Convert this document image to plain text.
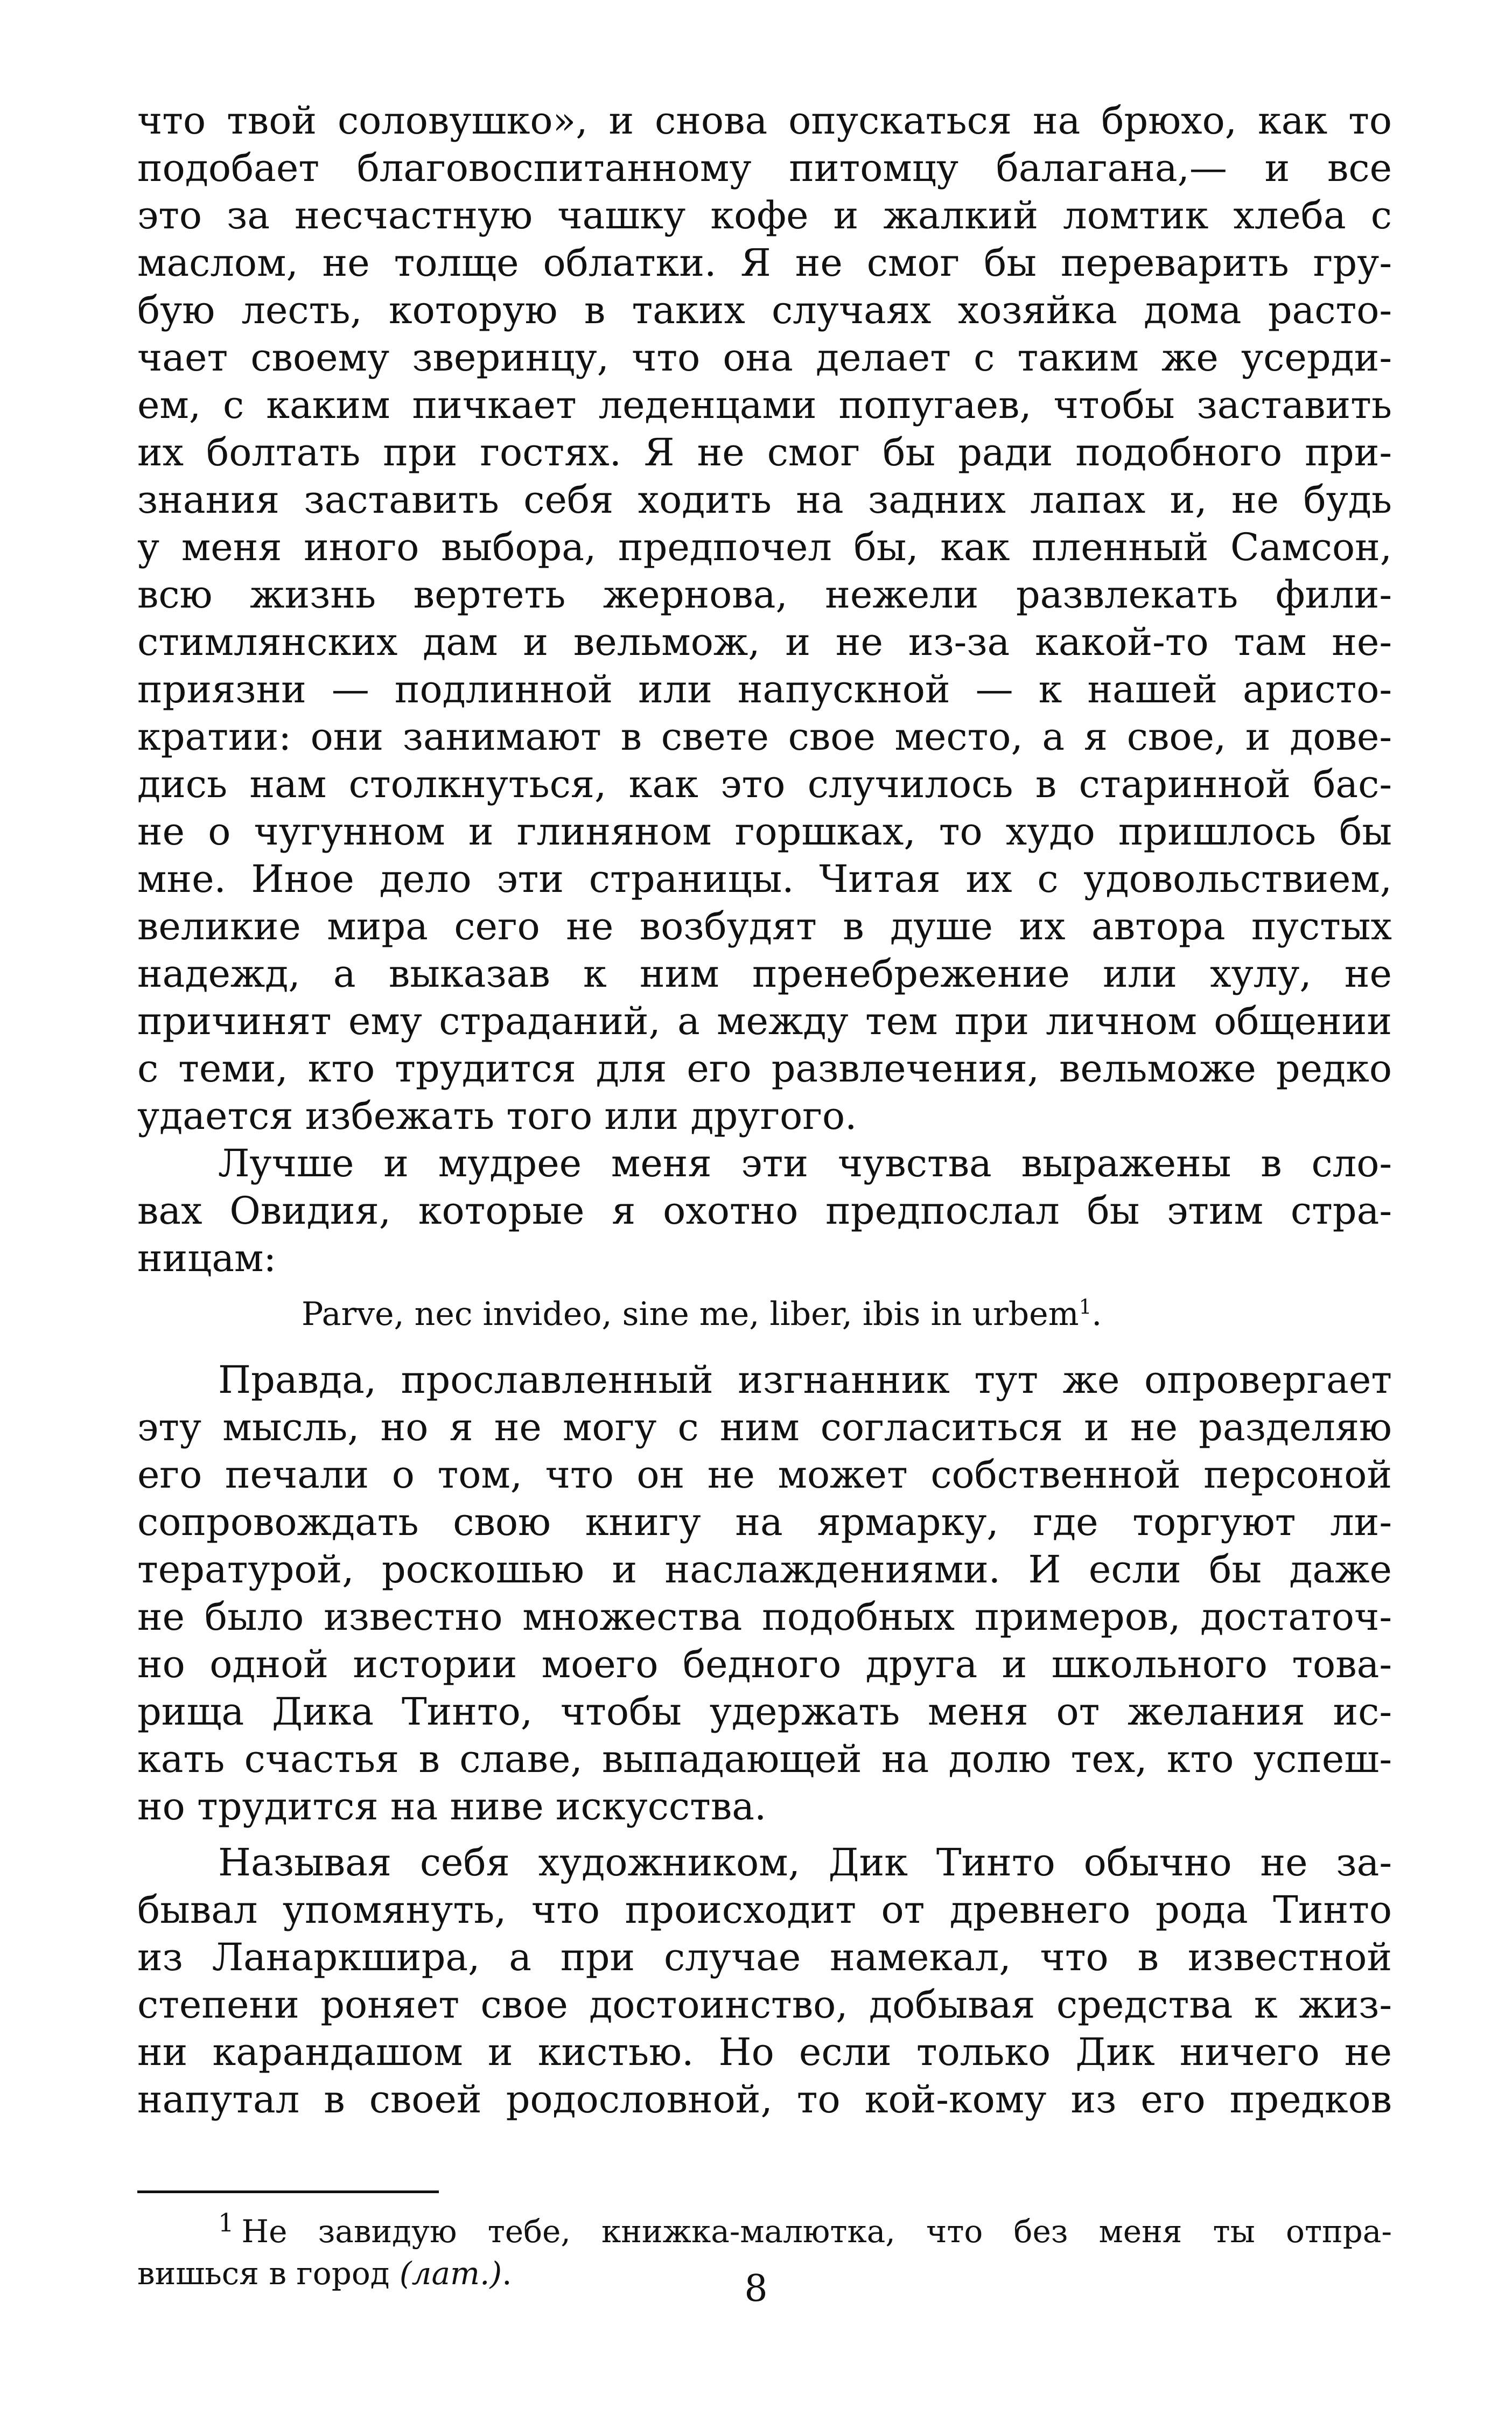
что твой соловушко», и снова опускаться на брюхо, как то
подобает благовоспитанному питомцу балагана,— и все
это за несчастную чашку кофе и жалкий ломтик хлеба с
маслом, не толще облатки. Я не смог бы переварить гру-
бую лесть, которую в таких случаях хозяйка дома расто-
чает своему зверинцу, что она делает с таким же усерди-
ем, с каким пичкает леденцами попугаев, чтобы заставить
их болтать при гостях. Я не смог бы ради подобного при-
знания заставить себя ходить на задних лапах и, не будь
у меня иного выбора, предпочел бы, как пленный Самсон,
всю жизнь вертеть жернова, нежели развлекать фили-
стимлянских дам и вельмож, и не из-за какой-то там не-
приязни — подлинной или напускной — к нашей аристо-
кратии: они занимают в свете свое место, а я свое, и дове-
дись нам столкнуться, как это случилось в старинной бас-
не о чугунном и глиняном горшках, то худо пришлось бы
мне. Иное дело эти страницы. Читая их с удовольствием,
великие мира сего не возбудят в душе их автора пустых
надежд, а выказав к ним пренебрежение или хулу, не
причинят ему страданий, а между тем при личном общении
с теми, кто трудится для его развлечения, вельможе редко
удается избежать того или другого.
Лучше и мудрее меня эти чувства выражены в сло-
вах Овидия, которые я охотно предпослал бы этим стра-
ницам:
Parve, nec invideo, sine me, liber, ibis in urbem$^1$.
Правда, прославленный изгнанник тут же опровергает
эту мысль, но я не могу с ним согласиться и не разделяю
его печали о том, что он не может собственной персоной
сопровождать свою книгу на ярмарку, где торгуют ли-
тературой, роскошью и наслаждениями. И если бы даже
не было известно множества подобных примеров, достаточ-
но одной истории моего бедного друга и школьного това-
рища Дика Тинто, чтобы удержать меня от желания ис-
кать счастья в славе, выпадающей на долю тех, кто успеш-
но трудится на ниве искусства.
Называя себя художником, Дик Тинто обычно не за-
бывал упомянуть, что происходит от древнего рода Тинто
из Ланаркшира, а при случае намекал, что в известной
степени роняет свое достоинство, добывая средства к жиз-
ни карандашом и кистью. Но если только Дик ничего не
напутал в своей родословной, то кой-кому из его предков
$^1$ Не завидую тебе, книжка-малютка, что без меня ты отпра-
вишься в город (лат.).	8
